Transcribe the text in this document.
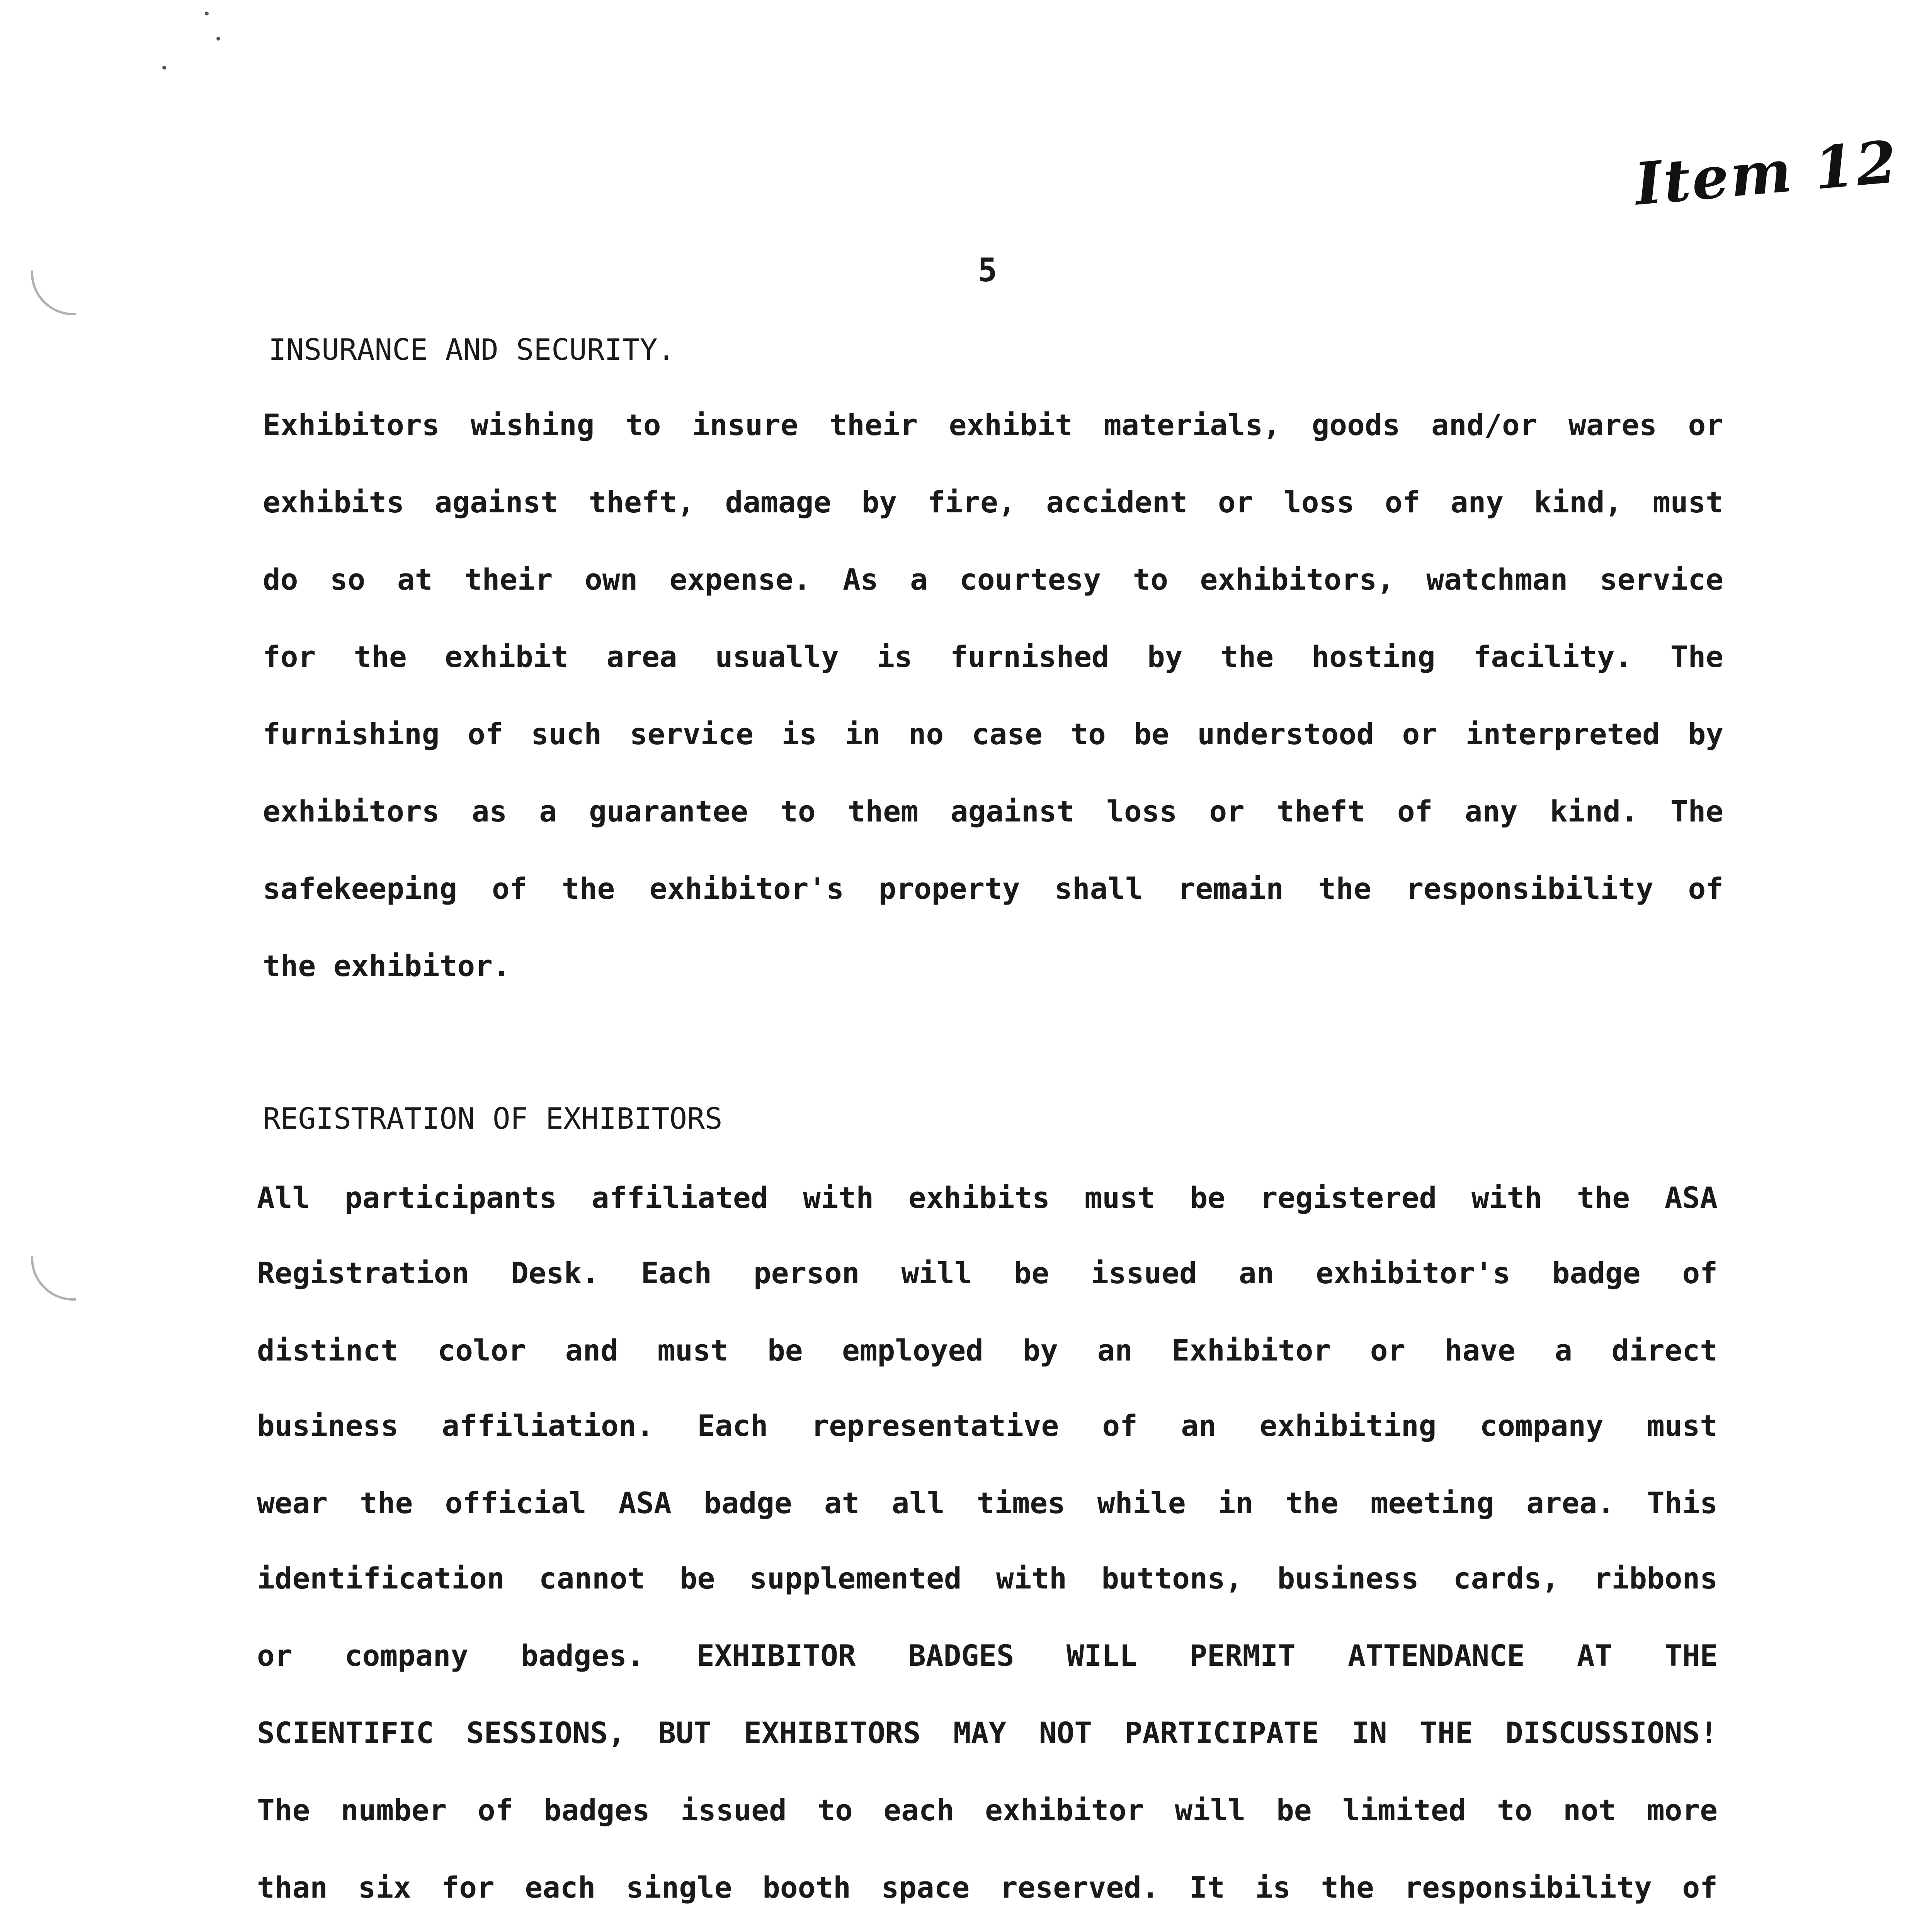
Item 12
5
INSURANCE AND SECURITY.
Exhibitors wishing to insure their exhibit materials, goods and/or wares or
exhibits against theft, damage by fire, accident or loss of any kind, must
do so at their own expense. As a courtesy to exhibitors, watchman service
for the exhibit area usually is furnished by the hosting facility. The
furnishing of such service is in no case to be understood or interpreted by
exhibitors as a guarantee to them against loss or theft of any kind. The
safekeeping of the exhibitor's property shall remain the responsibility of
the exhibitor.
REGISTRATION OF EXHIBITORS
All participants affiliated with exhibits must be registered with the ASA
Registration Desk. Each person will be issued an exhibitor's badge of
distinct color and must be employed by an Exhibitor or have a direct
business affiliation. Each representative of an exhibiting company must
wear the official ASA badge at all times while in the meeting area. This
identification cannot be supplemented with buttons, business cards, ribbons
or company badges. EXHIBITOR BADGES WILL PERMIT ATTENDANCE AT THE
SCIENTIFIC SESSIONS, BUT EXHIBITORS MAY NOT PARTICIPATE IN THE DISCUSSIONS!
The number of badges issued to each exhibitor will be limited to not more
than six for each single booth space reserved. It is the responsibility of
